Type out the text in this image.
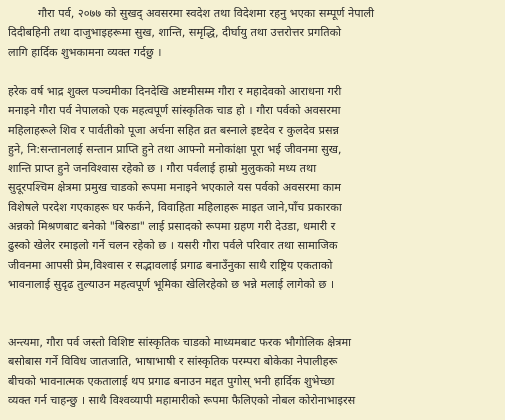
गौरा पर्व, २०७७ को सुखद् अवसरमा स्वदेश तथा विदेशमा रहनु भएका सम्पूर्ण नेपाली
दिदीबहिनी तथा दाजुभाइहरूमा सुख, शान्ति, समृद्धि, दीर्घायु तथा उत्तरोत्तर प्रगतिको
लागि हार्दिक शुभकामना व्यक्त गर्दछु ।

हरेक वर्ष भाद्र शुक्ल पञ्चमीका दिनदेखि अष्टमीसम्म गौरा र महादेवको आराधना गरी
मनाइने गौरा पर्व नेपालको एक महत्वपूर्ण सांस्कृतिक चाड हो । गौरा पर्वको अवसरमा
महिलाहरूले शिव र पार्वतीको पूजा अर्चना सहित व्रत बस्नाले इष्टदेव र कुलदेव प्रसन्न
हुने, नि:सन्तानलाई सन्तान प्राप्ति हुने तथा आफ्नो मनोकांक्षा पूरा भई जीवनमा सुख,
शान्ति प्राप्त हुने जनविश्वास रहेको छ । गौरा पर्वलाई हाम्रो मुलुकको मध्य तथा
सुदूरपश्चिम क्षेत्रमा प्रमुख चाडको रूपमा मनाइने भएकाले यस पर्वको अवसरमा काम
विशेषले परदेश गएकाहरू घर फर्कने, विवाहिता महिलाहरू माइत जाने,पाँच प्रकारका
अन्नको मिश्रणबाट बनेको "बिरुडा" लाई प्रसादको रूपमा ग्रहण गरी देउडा, धमारी र
ढुस्को खेलेर रमाइलो गर्ने चलन रहेको छ । यसरी गौरा पर्वले परिवार तथा सामाजिक
जीवनमा आपसी प्रेम,विश्वास र सद्भावलाई प्रगाढ बनाउँनुका साथै राष्ट्रिय एकताको
भावनालाई सुदृढ तुल्याउन महत्वपूर्ण भूमिका खेलिरहेको छ भन्ने मलाई लागेको छ ।

अन्त्यमा, गौरा पर्व जस्तो विशिष्ट सांस्कृतिक चाडको माध्यमबाट फरक भौगोलिक क्षेत्रमा
बसोबास गर्ने विविध जातजाति, भाषाभाषी र सांस्कृतिक परम्परा बोकेका नेपालीहरू
बीचको भावनात्मक एकतालाई थप प्रगाढ बनाउन मद्दत पुगोस् भनी हार्दिक शुभेच्छा
व्यक्त गर्न चाहन्छु । साथै विश्वव्यापी महामारीको रूपमा फैलिएको नोबल कोरोनाभाइरस
